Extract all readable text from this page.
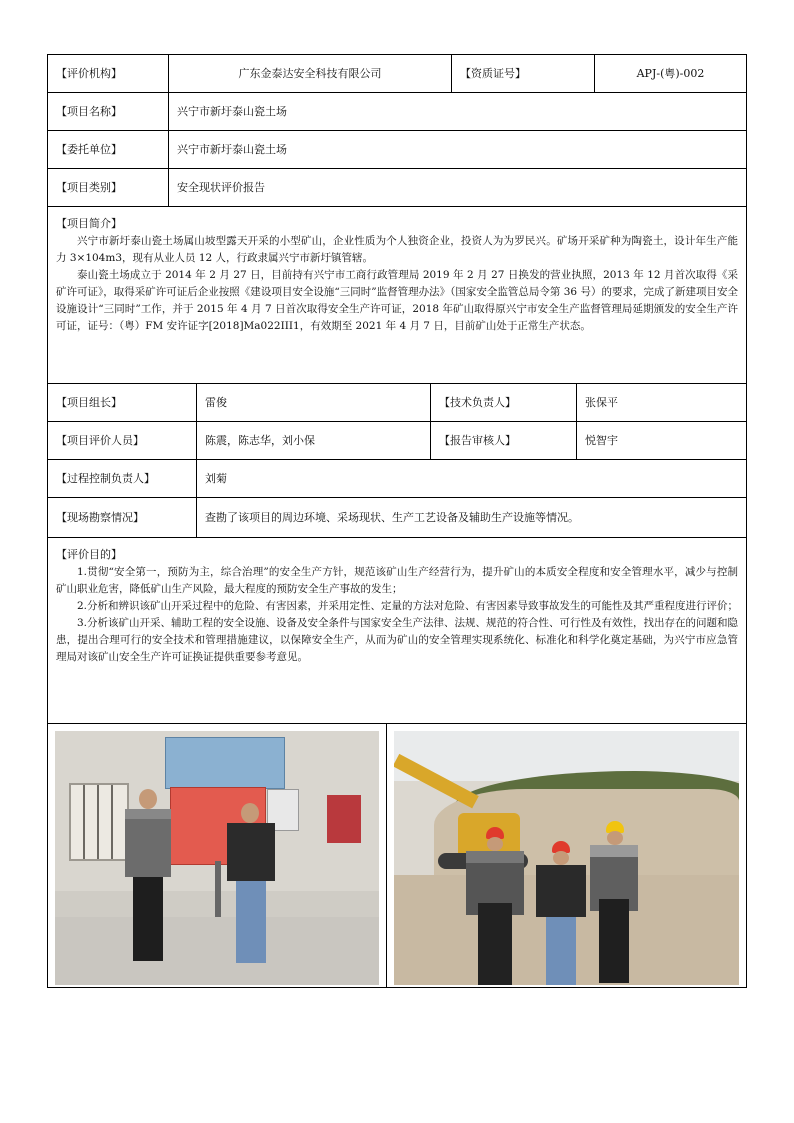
【评价机构】	广东金泰达安全科技有限公司	【资质证号】	APJ-(粤)-002
【项目名称】	兴宁市新圩泰山瓷土场		
【委托单位】	兴宁市新圩泰山瓷土场		
【项目类别】	安全现状评价报告		

【项目简介】

兴宁市新圩泰山瓷土场属山坡型露天开采的小型矿山，企业性质为个人独资企业，投资人为为罗民兴。矿场开采矿种为陶瓷土，设计年生产能力 3×104m3，现有从业人员 12 人，行政隶属兴宁市新圩镇管辖。

泰山瓷土场成立于 2014 年 2 月 27 日，目前持有兴宁市工商行政管理局 2019 年 2 月 27 日换发的营业执照，2013 年 12 月首次取得《采矿许可证》，取得采矿许可证后企业按照《建设项目安全设施“三同时”监督管理办法》（国家安全监管总局令第 36 号）的要求，完成了新建项目安全设施设计“三同时”工作，并于 2015 年 4 月 7 日首次取得安全生产许可证，2018 年矿山取得原兴宁市安全生产监督管理局延期颁发的安全生产许可证，证号：（粤）FM 安许证字[2018]Ma022III1，有效期至 2021 年 4 月 7 日，目前矿山处于正常生产状态。			

【项目组长】	雷俊	【技术负责人】	张保平
【项目评价人员】	陈震，陈志华，刘小保	【报告审核人】	悦智宇
【过程控制负责人】	刘菊		
【现场勘察情况】	查勘了该项目的周边环境、采场现状、生产工艺设备及辅助生产设施等情况。		

【评价目的】

1.贯彻“安全第一，预防为主，综合治理”的安全生产方针，规范该矿山生产经营行为，提升矿山的本质安全程度和安全管理水平，减少与控制矿山职业危害，降低矿山生产风险，最大程度的预防安全生产事故的发生；

2.分析和辨识该矿山开采过程中的危险、有害因素，并采用定性、定量的方法对危险、有害因素导致事故发生的可能性及其严重程度进行评价；

3.分析该矿山开采、辅助工程的安全设施、设备及安全条件与国家安全生产法律、法规、规范的符合性、可行性及有效性，找出存在的问题和隐患，提出合理可行的安全技术和管理措施建议，以保障安全生产，从而为矿山的安全管理实现系统化、标准化和科学化奠定基础，为兴宁市应急管理局对该矿山安全生产许可证换证提供重要参考意见。			
